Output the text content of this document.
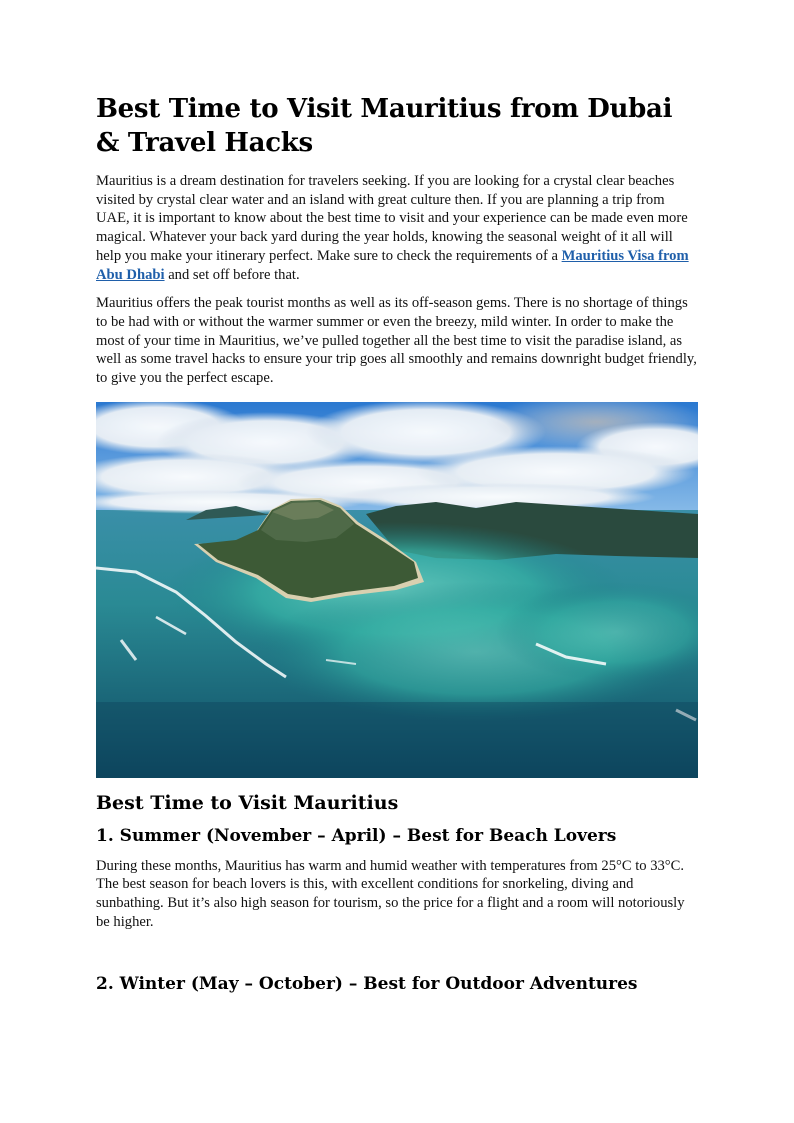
Best Time to Visit Mauritius from Dubai & Travel Hacks

Mauritius is a dream destination for travelers seeking. If you are looking for a crystal clear beaches visited by crystal clear water and an island with great culture then. If you are planning a trip from UAE, it is important to know about the best time to visit and your experience can be made even more magical. Whatever your back yard during the year holds, knowing the seasonal weight of it all will help you make your itinerary perfect. Make sure to check the requirements of a Mauritius Visa from Abu Dhabi and set off before that.

Mauritius offers the peak tourist months as well as its off-season gems. There is no shortage of things to be had with or without the warmer summer or even the breezy, mild winter. In order to make the most of your time in Mauritius, we’ve pulled together all the best time to visit the paradise island, as well as some travel hacks to ensure your trip goes all smoothly and remains downright budget friendly, to give you the perfect escape.

Best Time to Visit Mauritius
1. Summer (November – April) – Best for Beach Lovers

During these months, Mauritius has warm and humid weather with temperatures from 25°C to 33°C. The best season for beach lovers is this, with excellent conditions for snorkeling, diving and sunbathing. But it’s also high season for tourism, so the price for a flight and a room will notoriously be higher.

2. Winter (May – October) – Best for Outdoor Adventures
